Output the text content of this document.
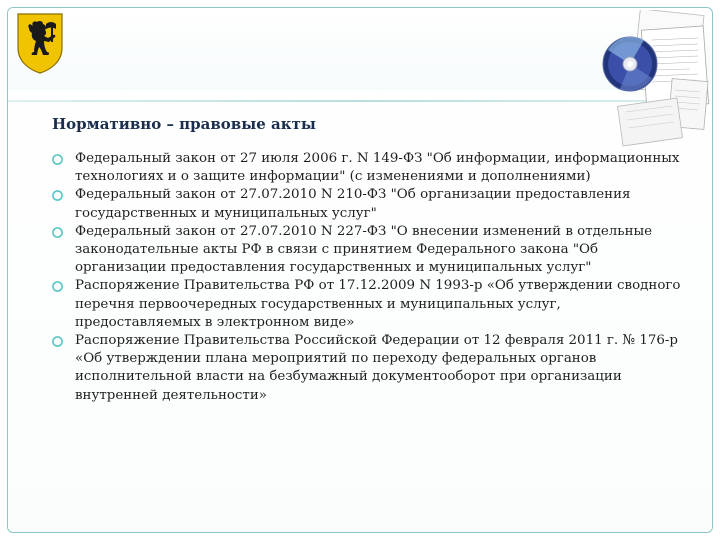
Нормативно – правовые акты
Федеральный закон от 27 июля 2006 г. N 149-ФЗ "Об информации, информационных технологиях и о защите информации" (с изменениями и дополнениями)
Федеральный закон от 27.07.2010 N 210-ФЗ "Об организации предоставления государственных и муниципальных услуг"
Федеральный закон от 27.07.2010 N 227-ФЗ "О внесении изменений в отдельные законодательные акты РФ в связи с принятием Федерального закона "Об организации предоставления государственных и муниципальных услуг"
Распоряжение Правительства РФ от 17.12.2009 N 1993-р «Об утверждении сводного перечня первоочередных государственных и муниципальных услуг, предоставляемых в электронном виде»
Распоряжение Правительства Российской Федерации от 12 февраля 2011 г. № 176-р «Об утверждении плана мероприятий по переходу федеральных органов исполнительной власти на безбумажный документооборот при организации внутренней деятельности»
